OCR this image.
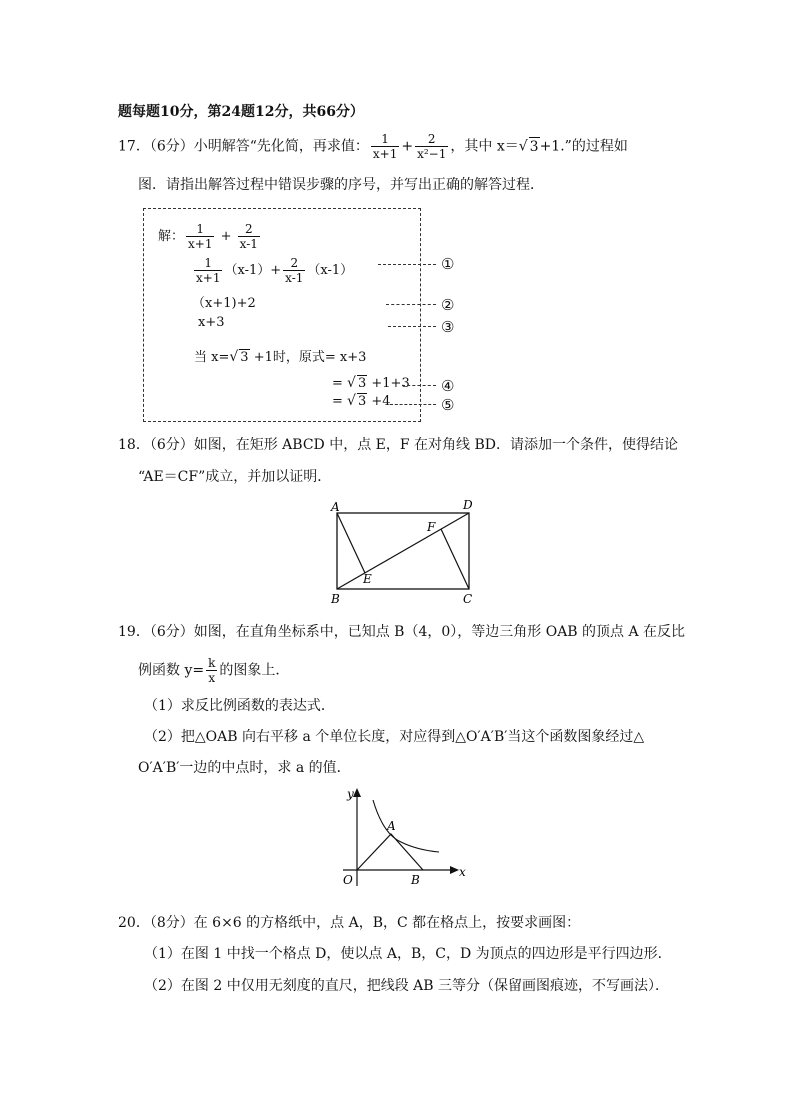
题每题10分，第24题12分，共66分）
17．（6分）小明解答“先化简，再求值： $\frac{1}{x+1} + \frac{2}{\text{x²−1}}$ ，其中 x＝√ 3+1.”的过程如
图．请指出解答过程中错误步骤的序号，并写出正确的解答过程．
解： $\frac{1}{x+1} + \frac{2}{x-1}$
$\frac{1}{x+1} (x-1)+ \frac{2}{x-1} (x-1)$
（x+1)+2
x+3
当 x=√ 3 +1时，原式= x+3
= √ 3 +1+3
= √ 3 +4
①
②
③
④
⑤
18．（6分）如图，在矩形 ABCD 中，点 E，F 在对角线 BD．请添加一个条件，使得结论
“AE＝CF”成立，并加以证明．
A	D
B	C
E
F
19．（6分）如图，在直角坐标系中，已知点 B（4，0），等边三角形 OAB 的顶点 A 在反比
例函数 $y= \frac{k}{x}$ 的图象上．
（1）求反比例函数的表达式．
（2）把△OAB 向右平移 a 个单位长度，对应得到△O′A′B′当这个函数图象经过△
O′A′B′一边的中点时，求 a 的值．
y
x
O
A
B
20．（8分）在 6×6 的方格纸中，点 A，B，C 都在格点上，按要求画图：
（1）在图 1 中找一个格点 D，使以点 A，B，C，D 为顶点的四边形是平行四边形．
（2）在图 2 中仅用无刻度的直尺，把线段 AB 三等分（保留画图痕迹，不写画法）．
